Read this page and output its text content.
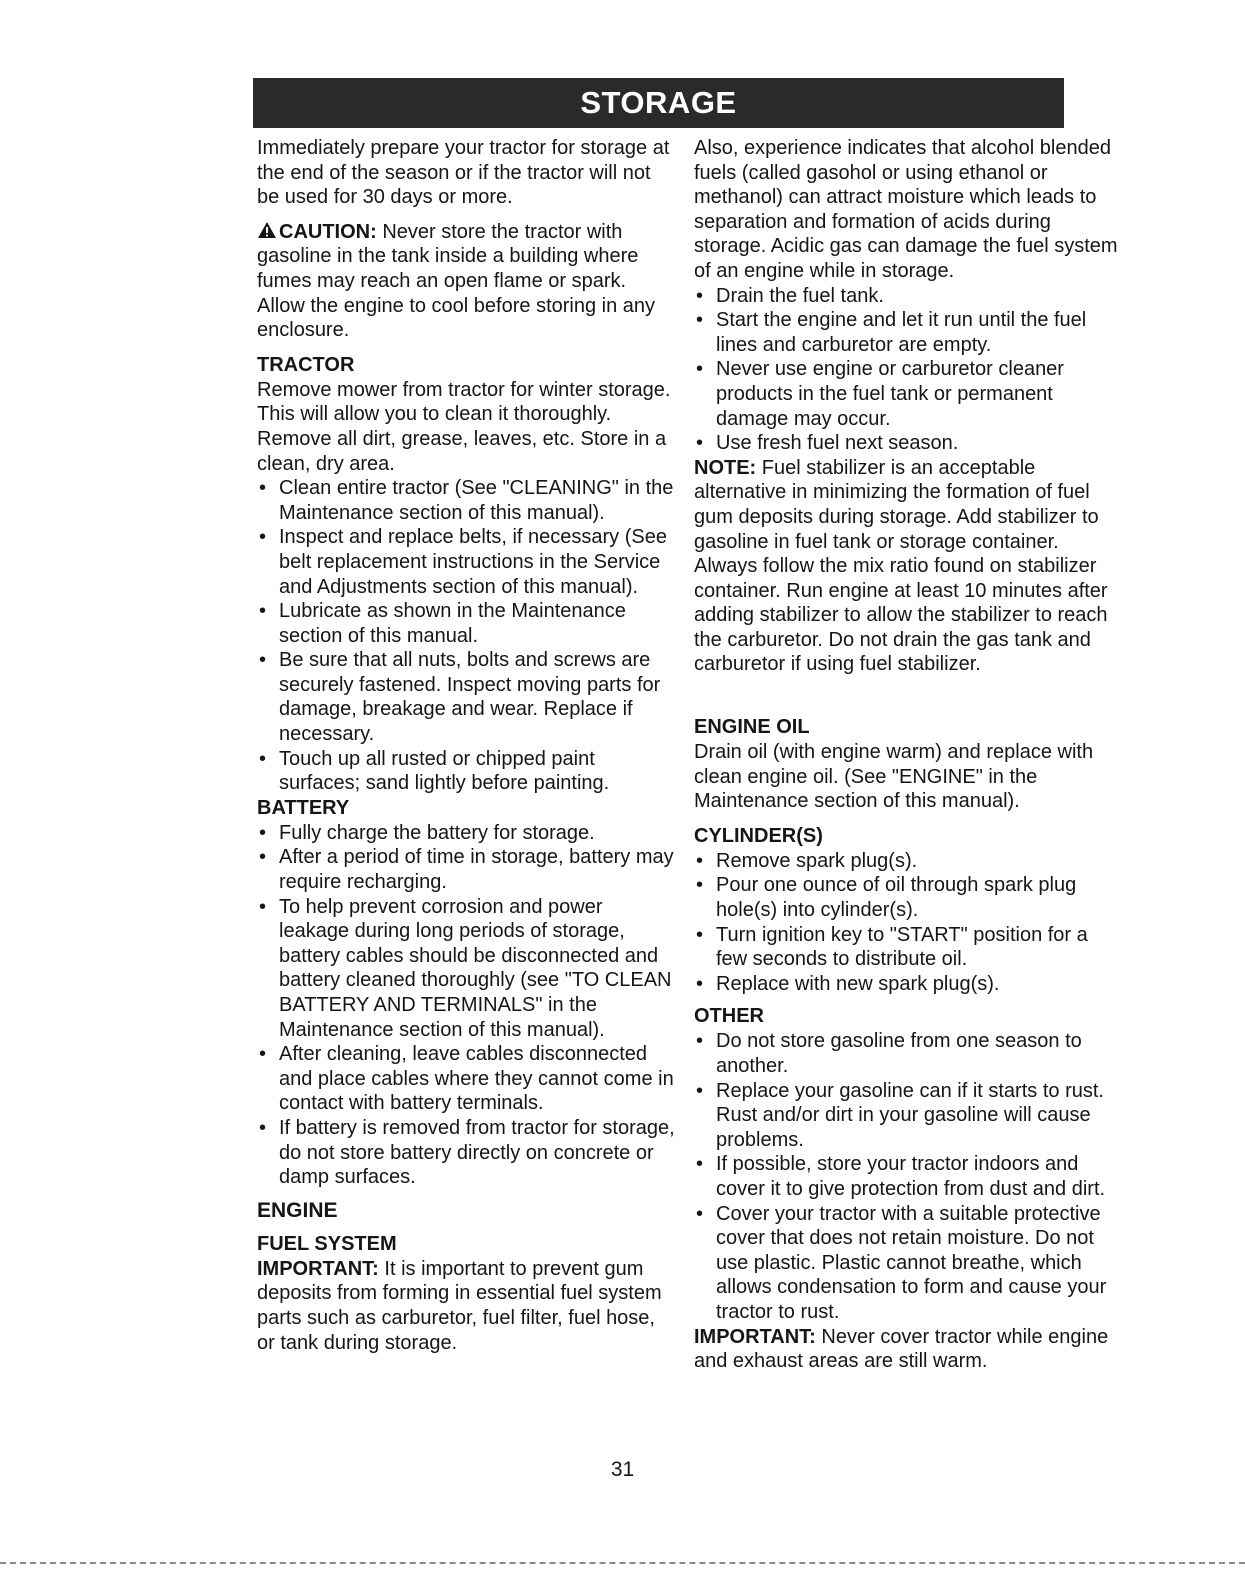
STORAGE

Immediately prepare your tractor for storage at the end of the season or if the tractor will not be used for 30 days or more.

CAUTION: Never store the tractor with gasoline in the tank inside a building where fumes may reach an open flame or spark. Allow the engine to cool before storing in any enclosure.

TRACTOR

Remove mower from tractor for winter storage. This will allow you to clean it thoroughly. Remove all dirt, grease, leaves, etc. Store in a clean, dry area.

• Clean entire tractor (See "CLEANING" in the Maintenance section of this manual).
• Inspect and replace belts, if necessary (See belt replacement instructions in the Service and Adjustments section of this manual).
• Lubricate as shown in the Maintenance section of this manual.
• Be sure that all nuts, bolts and screws are securely fastened. Inspect moving parts for damage, breakage and wear. Replace if necessary.
• Touch up all rusted or chipped paint surfaces; sand lightly before painting.
BATTERY
• Fully charge the battery for storage.
• After a period of time in storage, battery may require recharging.
• To help prevent corrosion and power leakage during long periods of storage, battery cables should be disconnected and battery cleaned thoroughly (see "TO CLEAN BATTERY AND TERMINALS" in the Maintenance section of this manual).
• After cleaning, leave cables disconnected and place cables where they cannot come in contact with battery terminals.
• If battery is removed from tractor for storage, do not store battery directly on concrete or damp surfaces.
ENGINE
FUEL SYSTEM

IMPORTANT: It is important to prevent gum deposits from forming in essential fuel system parts such as carburetor, fuel filter, fuel hose, or tank during storage.

Also, experience indicates that alcohol blended fuels (called gasohol or using ethanol or methanol) can attract moisture which leads to separation and formation of acids during storage. Acidic gas can damage the fuel system of an engine while in storage.

• Drain the fuel tank.
• Start the engine and let it run until the fuel lines and carburetor are empty.
• Never use engine or carburetor cleaner products in the fuel tank or permanent damage may occur.
• Use fresh fuel next season.

NOTE: Fuel stabilizer is an acceptable alternative in minimizing the formation of fuel gum deposits during storage. Add stabilizer to gasoline in fuel tank or storage container. Always follow the mix ratio found on stabilizer container. Run engine at least 10 minutes after adding stabilizer to allow the stabilizer to reach the carburetor. Do not drain the gas tank and carburetor if using fuel stabilizer.

ENGINE OIL

Drain oil (with engine warm) and replace with clean engine oil. (See "ENGINE" in the Maintenance section of this manual).

CYLINDER(S)
• Remove spark plug(s).
• Pour one ounce of oil through spark plug hole(s) into cylinder(s).
• Turn ignition key to "START" position for a few seconds to distribute oil.
• Replace with new spark plug(s).
OTHER
• Do not store gasoline from one season to another.
• Replace your gasoline can if it starts to rust. Rust and/or dirt in your gasoline will cause problems.
• If possible, store your tractor indoors and cover it to give protection from dust and dirt.
• Cover your tractor with a suitable protective cover that does not retain moisture. Do not use plastic. Plastic cannot breathe, which allows condensation to form and cause your tractor to rust.

IMPORTANT: Never cover tractor while engine and exhaust areas are still warm.

31
